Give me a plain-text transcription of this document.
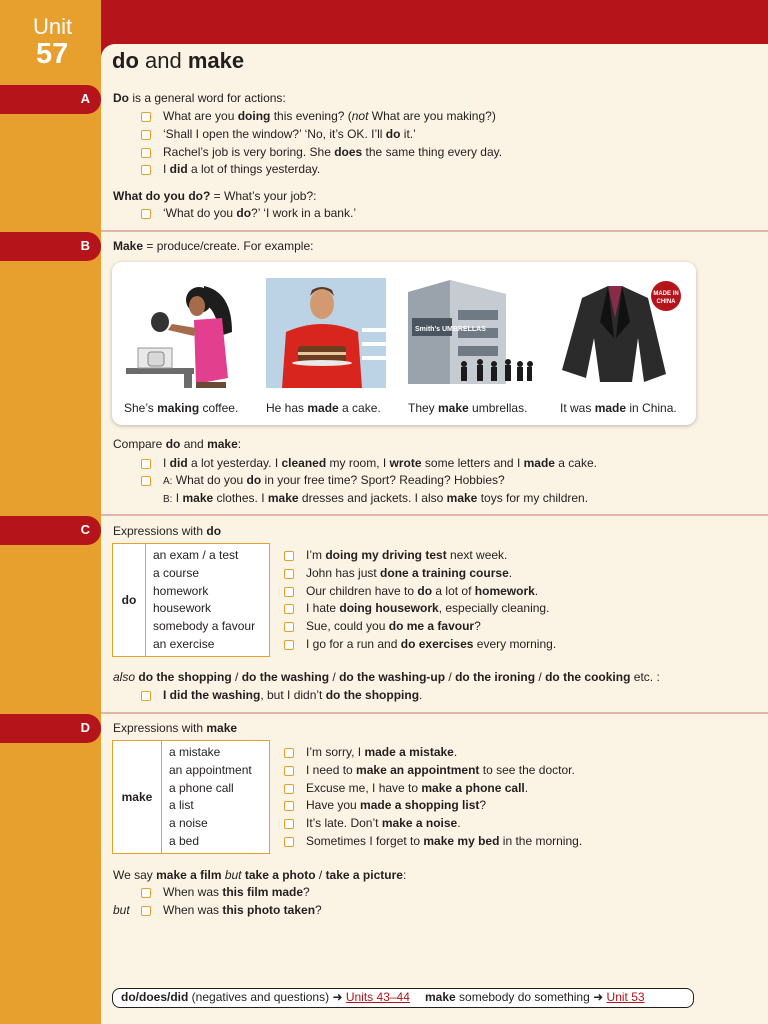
Unit
57 do and make
A Do is a general word for actions:
What are you doing this evening? (not What are you making?)
‘Shall I open the window?’ ‘No, it’s OK. I’ll do it.’
Rachel’s job is very boring. She does the same thing every day.
I did a lot of things yesterday.
What do you do? = What’s your job?:
‘What do you do?’ ‘I work in a bank.’
B Make = produce/create. For example:
Smith's UMBRELLAS
MADE IN
CHINA
She’s making coffee. He has made a cake. They make umbrellas.	It was made in China.
Compare do and make:
I did a lot yesterday. I cleaned my room, I wrote some letters and I made a cake.
A: What do you do in your free time? Sport? Reading? Hobbies?
B: I make clothes. I make dresses and jackets. I also make toys for my children.
C Expressions with do
do
an exam / a test
a course
homework
housework
somebody a favour
an exercise
I’m doing my driving test next week.
John has just done a training course.
Our children have to do a lot of homework.
I hate doing housework, especially cleaning.
Sue, could you do me a favour?
I go for a run and do exercises every morning.
also do the shopping / do the washing / do the washing-up / do the ironing / do the cooking etc. :
I did the washing, but I didn’t do the shopping.
D Expressions with make
make
a mistake
an appointment
a phone call
a list
a noise
a bed
I’m sorry, I made a mistake.
I need to make an appointment to see the doctor.
Excuse me, I have to make a phone call.
Have you made a shopping list?
It’s late. Don’t make a noise.
Sometimes I forget to make my bed in the morning.
We say make a film but take a photo / take a picture:
When was this film made?
but	When was this photo taken?
do/does/did (negatives and questions) ➜ Units 43–44 make somebody do something ➜ Unit 53
